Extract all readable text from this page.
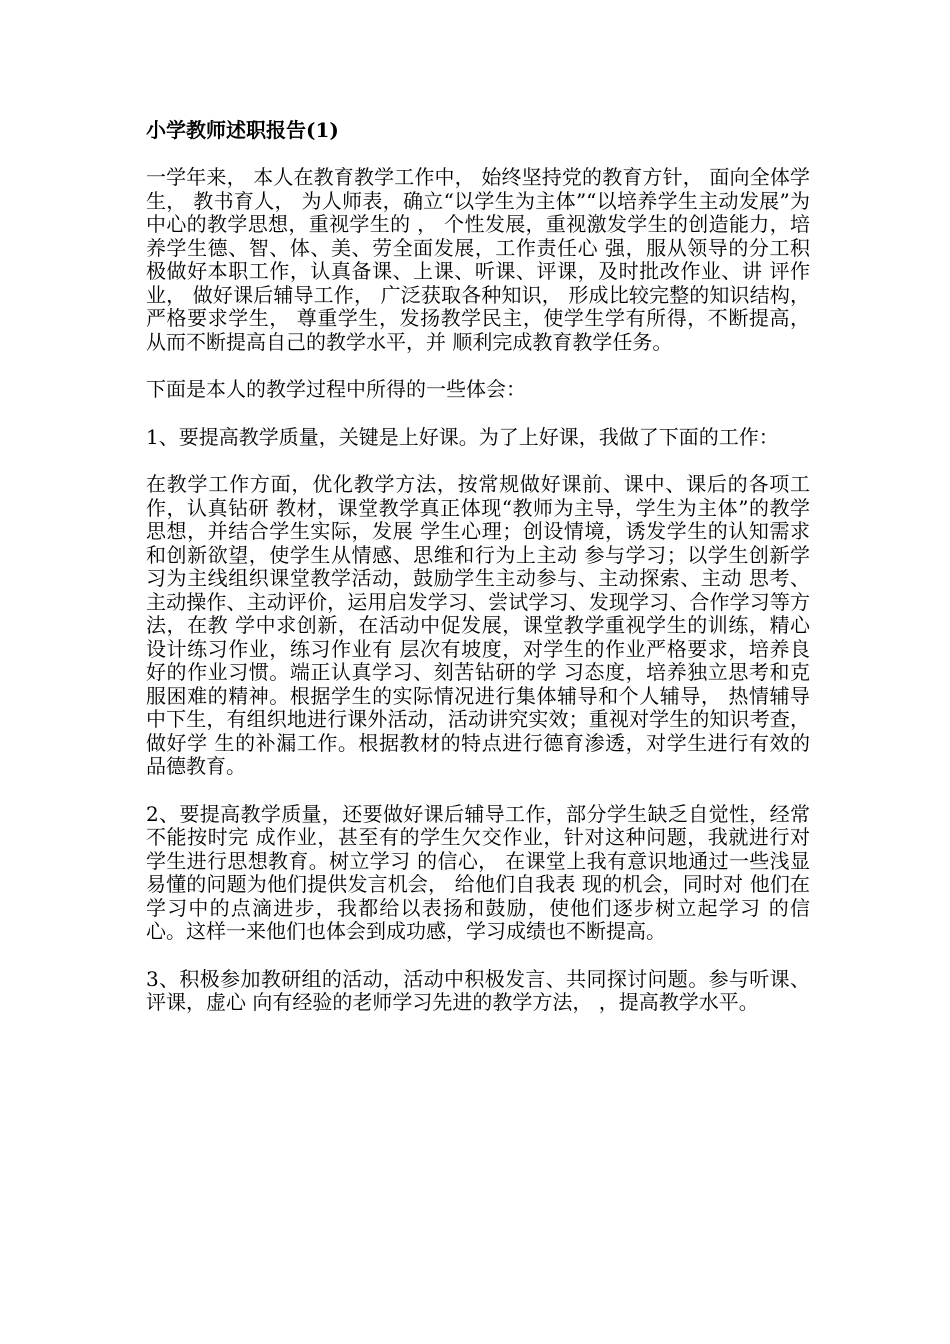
小学教师述职报告(1)

一学年来， 本人在教育教学工作中， 始终坚持党的教育方针， 面向全体学生， 教书育人， 为人师表，确立“以学生为主体”“以培养学生主动发展”为中心的教学思想，重视学生的 ， 个性发展，重视激发学生的创造能力，培养学生德、智、体、美、劳全面发展，工作责任心 强，服从领导的分工积极做好本职工作，认真备课、上课、听课、评课，及时批改作业、讲 评作业， 做好课后辅导工作， 广泛获取各种知识， 形成比较完整的知识结构， 严格要求学生， 尊重学生，发扬教学民主，使学生学有所得，不断提高，从而不断提高自己的教学水平，并 顺利完成教育教学任务。

下面是本人的教学过程中所得的一些体会：

1、要提高教学质量，关键是上好课。为了上好课，我做了下面的工作：

在教学工作方面，优化教学方法，按常规做好课前、课中、课后的各项工作，认真钻研 教材，课堂教学真正体现“教师为主导，学生为主体”的教学思想，并结合学生实际，发展 学生心理；创设情境，诱发学生的认知需求和创新欲望，使学生从情感、思维和行为上主动 参与学习；以学生创新学习为主线组织课堂教学活动，鼓励学生主动参与、主动探索、主动 思考、主动操作、主动评价，运用启发学习、尝试学习、发现学习、合作学习等方法，在教 学中求创新，在活动中促发展，课堂教学重视学生的训练，精心设计练习作业，练习作业有 层次有坡度，对学生的作业严格要求，培养良好的作业习惯。端正认真学习、刻苦钻研的学 习态度，培养独立思考和克服困难的精神。根据学生的实际情况进行集体辅导和个人辅导， 热情辅导中下生，有组织地进行课外活动，活动讲究实效；重视对学生的知识考查，做好学 生的补漏工作。根据教材的特点进行德育渗透，对学生进行有效的品德教育。

2、要提高教学质量，还要做好课后辅导工作，部分学生缺乏自觉性，经常不能按时完 成作业，甚至有的学生欠交作业，针对这种问题，我就进行对学生进行思想教育。树立学习 的信心， 在课堂上我有意识地通过一些浅显易懂的问题为他们提供发言机会， 给他们自我表 现的机会，同时对 他们在学习中的点滴进步，我都给以表扬和鼓励，使他们逐步树立起学习 的信心。这样一来他们也体会到成功感，学习成绩也不断提高。

3、积极参加教研组的活动，活动中积极发言、共同探讨问题。参与听课、评课，虚心 向有经验的老师学习先进的教学方法， ，提高教学水平。
